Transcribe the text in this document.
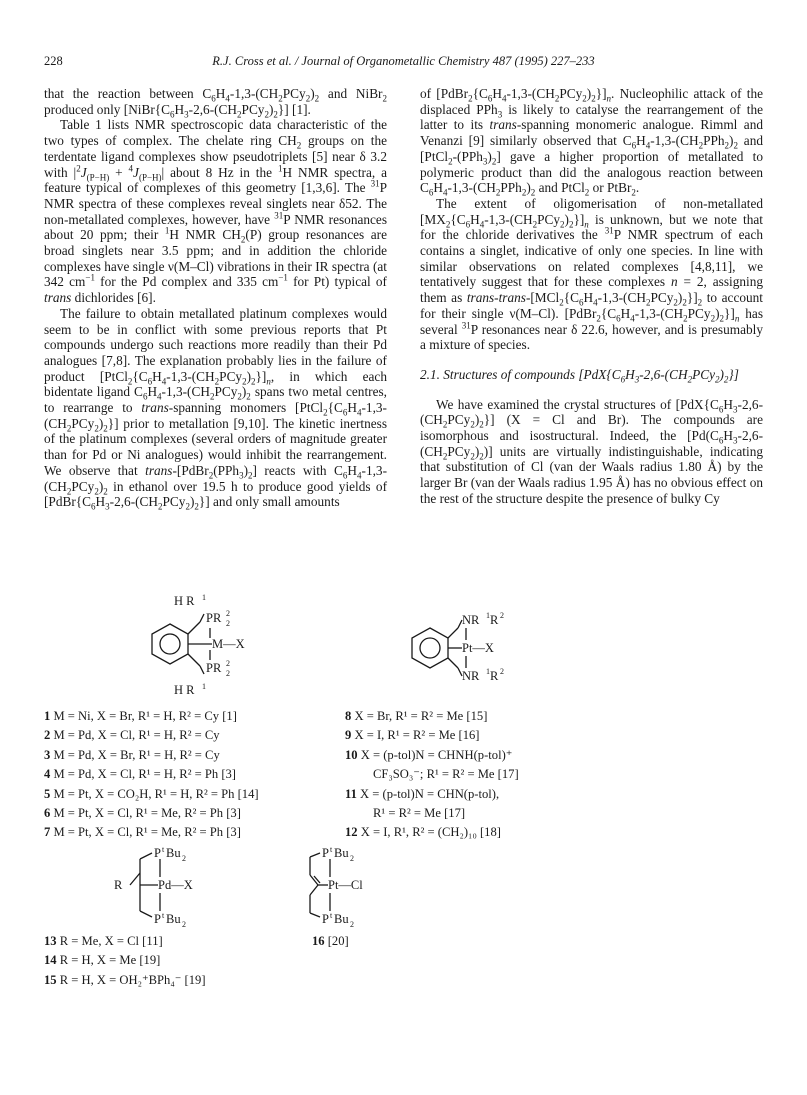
228	R.J. Cross et al. / Journal of Organometallic Chemistry 487 (1995) 227–233

that the reaction between $C_6H_4-1,3-(CH_2PCy_2)_2$ and NiBr$_2$ produced only $[NiBr\{C_6H_3-2,6-(CH_2PCy_2)_2\}]$ [1].

Table 1 lists NMR spectroscopic data characteristic of the two types of complex. The chelate ring $CH_2$ groups on the terdentate ligand complexes show pseudotriplets [5] near δ 3.2 with $|^2J_{(P-H)} + ^4J_{(P-H)}|$ about 8 Hz in the $^1$H NMR spectra, a feature typical of complexes of this geometry [1,3,6]. The $^{31}$P NMR spectra of these complexes reveal singlets near δ52. The non-metallated complexes, however, have $^{31}$P NMR resonances about 20 ppm; their $^1$H NMR $CH_2(P)$ group resonances are broad singlets near 3.5 ppm; and in addition the chloride complexes have single ν(M–Cl) vibrations in their IR spectra (at 342 $cm^{-1}$ for the Pd complex and 335 $cm^{-1}$ for Pt) typical of trans dichlorides [6].

The failure to obtain metallated platinum complexes would seem to be in conflict with some previous reports that Pt compounds undergo such reactions more readily than their Pd analogues [7,8]. The explanation probably lies in the failure of product $[PtCl_2\{C_6H_4-1,3-(CH_2PCy_2)_2\}]_n$, in which each bidentate ligand $C_6H_4-1,3-(CH_2PCy_2)_2$ spans two metal centres, to rearrange to trans-spanning monomers $[PtCl_2\{C_6H_4-1,3-(CH_2PCy_2)_2\}]$ prior to metallation [9,10]. The kinetic inertness of the platinum complexes (several orders of magnitude greater than for Pd or Ni analogues) would inhibit the rearrangement. We observe that trans-$[PdBr_2(PPh_3)_2]$ reacts with $C_6H_4-1,3-(CH_2PCy_2)_2$ in ethanol over 19.5 h to produce good yields of $[PdBr\{C_6H_3-2,6-(CH_2PCy_2)_2\}]$ and only small amounts

of $[PdBr_2\{C_6H_4-1,3-(CH_2PCy_2)_2\}]_n$. Nucleophilic attack of the displaced PPh$_3$ is likely to catalyse the rearrangement of the latter to its trans-spanning monomeric analogue. Rimml and Venanzi [9] similarly observed that $C_6H_4-1,3-(CH_2PPh_2)_2$ and $[PtCl_2-(PPh_3)_2]$ gave a higher proportion of metallated to polymeric product than did the analogous reaction between $C_6H_4-1,3-(CH_2PPh_2)_2$ and PtCl$_2$ or PtBr$_2$.

The extent of oligomerisation of non-metallated $[MX_2\{C_6H_4-1,3-(CH_2PCy_2)_2\}]_n$ is unknown, but we note that for the chloride derivatives the $^{31}$P NMR spectrum of each contains a singlet, indicative of only one species. In line with similar observations on related complexes [4,8,11], we tentatively suggest that for these complexes n = 2, assigning them as trans-$trans-[MCl_2\{C_6H_4-1,3-(CH_2PCy_2)_2\}]_2$ to account for their single ν(M–Cl). $[PdBr_2\{C_6H_4-1,3-(CH_2PCy_2)_2\}]_n$ has several $^{31}$P resonances near δ 22.6, however, and is presumably a mixture of species.

2.1. Structures of compounds $[PdX\{C_6H_3-2,6-(CH_2PCy_2)_2\}]$

We have examined the crystal structures of $[PdX\{C_6H_3-2,6-(CH_2PCy_2)_2\}] (X = Cl$ and Br). The compounds are isomorphous and isostructural. Indeed, the $[Pd(C_6H_3-2,6-(CH_2PCy_2)_2)]$ units are virtually indistinguishable, indicating that substitution of Cl (van der Waals radius 1.80 Å) by the larger Br (van der Waals radius 1.95 Å) has no obvious effect on the rest of the structure despite the presence of bulky Cy

H R 1
PR 2
2
M—X
PR 2
2
H R 1
NR 1 R 2
Pt—X
NR 1 R 2
R
P t Bu 2
Pd—X
P t Bu 2
P t Bu 2
Pt—Cl
P t Bu 2
1 M = Ni, X = Br, R¹ = H, R² = Cy [1]
2 M = Pd, X = Cl, R¹ = H, R² = Cy
3 M = Pd, X = Br, R¹ = H, R² = Cy
4 M = Pd, X = Cl, R¹ = H, R² = Ph [3]
5 M = Pt, X = CO₂H, R¹ = H, R² = Ph [14]
6 M = Pt, X = Cl, R¹ = Me, R² = Ph [3]
7 M = Pt, X = Cl, R¹ = Me, R² = Ph [3]
8 X = Br, R¹ = R² = Me [15]
9 X = I, R¹ = R² = Me [16]
10 X = (p-tol)N = CHNH(p-tol)⁺
CF₃SO₃⁻; R¹ = R² = Me [17]
11 X = (p-tol)N = CHN(p-tol),
R¹ = R² = Me [17]
12 X = I, R¹, R² = (CH₂)₁₀ [18]
13 R = Me, X = Cl [11]
14 R = H, X = Me [19]
15 R = H, X = OH₂⁺BPh₄⁻ [19]
16 [20]
